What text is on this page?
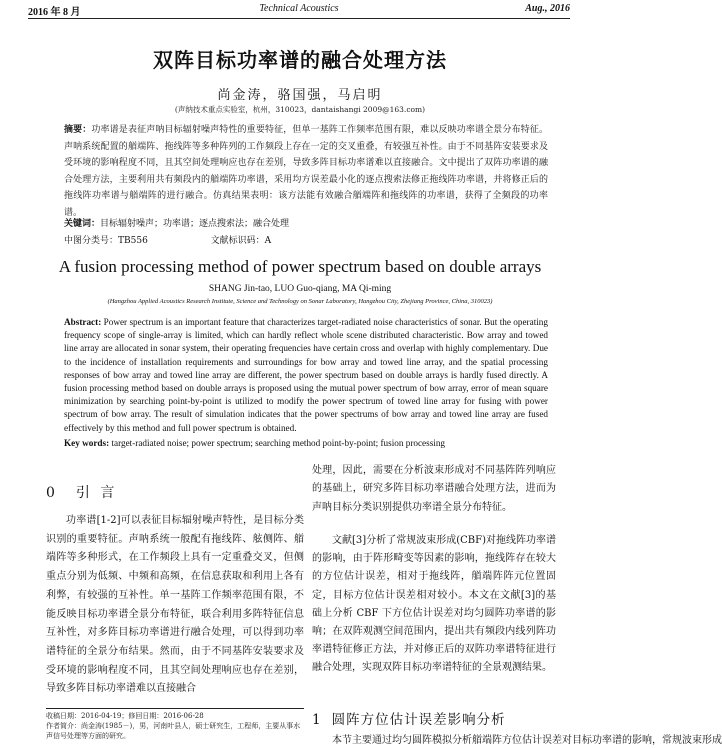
2016 年 8 月	Technical Acoustics	Aug., 2016
双阵目标功率谱的融合处理方法
尚金涛，骆国强，马启明
(声纳技术重点实验室，杭州，310023，dantaishangi 2009@163.com)
摘要：功率谱是表征声呐目标辐射噪声特性的重要特征，但单一基阵工作频率范围有限，难以反映功率谱全景分布特征。声呐系统配置的艏端阵、拖线阵等多种阵列的工作频段上存在一定的交叉重叠，有较强互补性。由于不同基阵安装要求及受环境的影响程度不同，且其空间处理响应也存在差别，导致多阵目标功率谱难以直接融合。文中提出了双阵功率谱的融合处理方法，主要利用共有频段内的艏端阵功率谱，采用均方误差最小化的逐点搜索法修正拖线阵功率谱，并将修正后的拖线阵功率谱与艏端阵的进行融合。仿真结果表明：该方法能有效融合艏端阵和拖线阵的功率谱，获得了全频段的功率谱。
关键词：目标辐射噪声；功率谱；逐点搜索法；融合处理
中图分类号：TB556	文献标识码：A
A fusion processing method of power spectrum based on double arrays
SHANG Jin-tao, LUO Guo-qiang, MA Qi-ming
(Hangzhou Applied Acoustics Research Institute, Science and Technology on Sonar Laboratory, Hangzhou City, Zhejiang Province, China, 310023)
Abstract: Power spectrum is an important feature that characterizes target-radiated noise characteristics of sonar. But the operating frequency scope of single-array is limited, which can hardly reflect whole scene distributed characteristic. Bow array and towed line array are allocated in sonar system, their operating frequencies have certain cross and overlap with highly complementary. Due to the incidence of installation requirements and surroundings for bow array and towed line array, and the spatial processing responses of bow array and towed line array are different, the power spectrum based on double arrays is hardly fused directly. A fusion processing method based on double arrays is proposed using the mutual power spectrum of bow array, error of mean square minimization by searching point-by-point is utilized to modify the power spectrum of towed line array for fusing with power spectrum of bow array. The result of simulation indicates that the power spectrums of bow array and towed line array are fused effectively by this method and full power spectrum is obtained.
Key words: target-radiated noise; power spectrum; searching method point-by-point; fusion processing
0 引 言
功率谱[1-2]可以表征目标辐射噪声特性，是目标分类识别的重要特征。声呐系统一般配有拖线阵、舷侧阵、艏端阵等多种形式，在工作频段上具有一定重叠交叉，但侧重点分别为低频、中频和高频，在信息获取和利用上各有利弊，有较强的互补性。单一基阵工作频率范围有限，不能反映目标功率谱全景分布特征，联合利用多阵特征信息互补性，对多阵目标功率谱进行融合处理，可以得到功率谱特征的全景分布结果。然而，由于不同基阵安装要求及受环境的影响程度不同，且其空间处理响应也存在差别，导致多阵目标功率谱难以直接融合
收稿日期：2016-04-19；修回日期：2016-06-28
作者简介：尚金涛(1985－)，男，河南叶县人，硕士研究生，工程师，主要从事水声信号处理等方面的研究。
处理，因此，需要在分析波束形成对不同基阵阵列响应的基础上，研究多阵目标功率谱融合处理方法，进而为声呐目标分类识别提供功率谱全景分布特征。
文献[3]分析了常规波束形成(CBF)对拖线阵功率谱的影响，由于阵形畸变等因素的影响，拖线阵存在较大的方位估计误差，相对于拖线阵，艏端阵阵元位置固定，目标方位估计误差相对较小。本文在文献[3]的基础上分析 CBF 下方位估计误差对均匀圆阵功率谱的影响；在双阵观测空间范围内，提出共有频段内线列阵功率谱特征修正方法，并对修正后的双阵功率谱特征进行融合处理，实现双阵目标功率谱特征的全景观测结果。
1 圆阵方位估计误差影响分析
本节主要通过均匀圆阵模拟分析艏端阵方位估计误差对目标功率谱的影响，常规波束形成
